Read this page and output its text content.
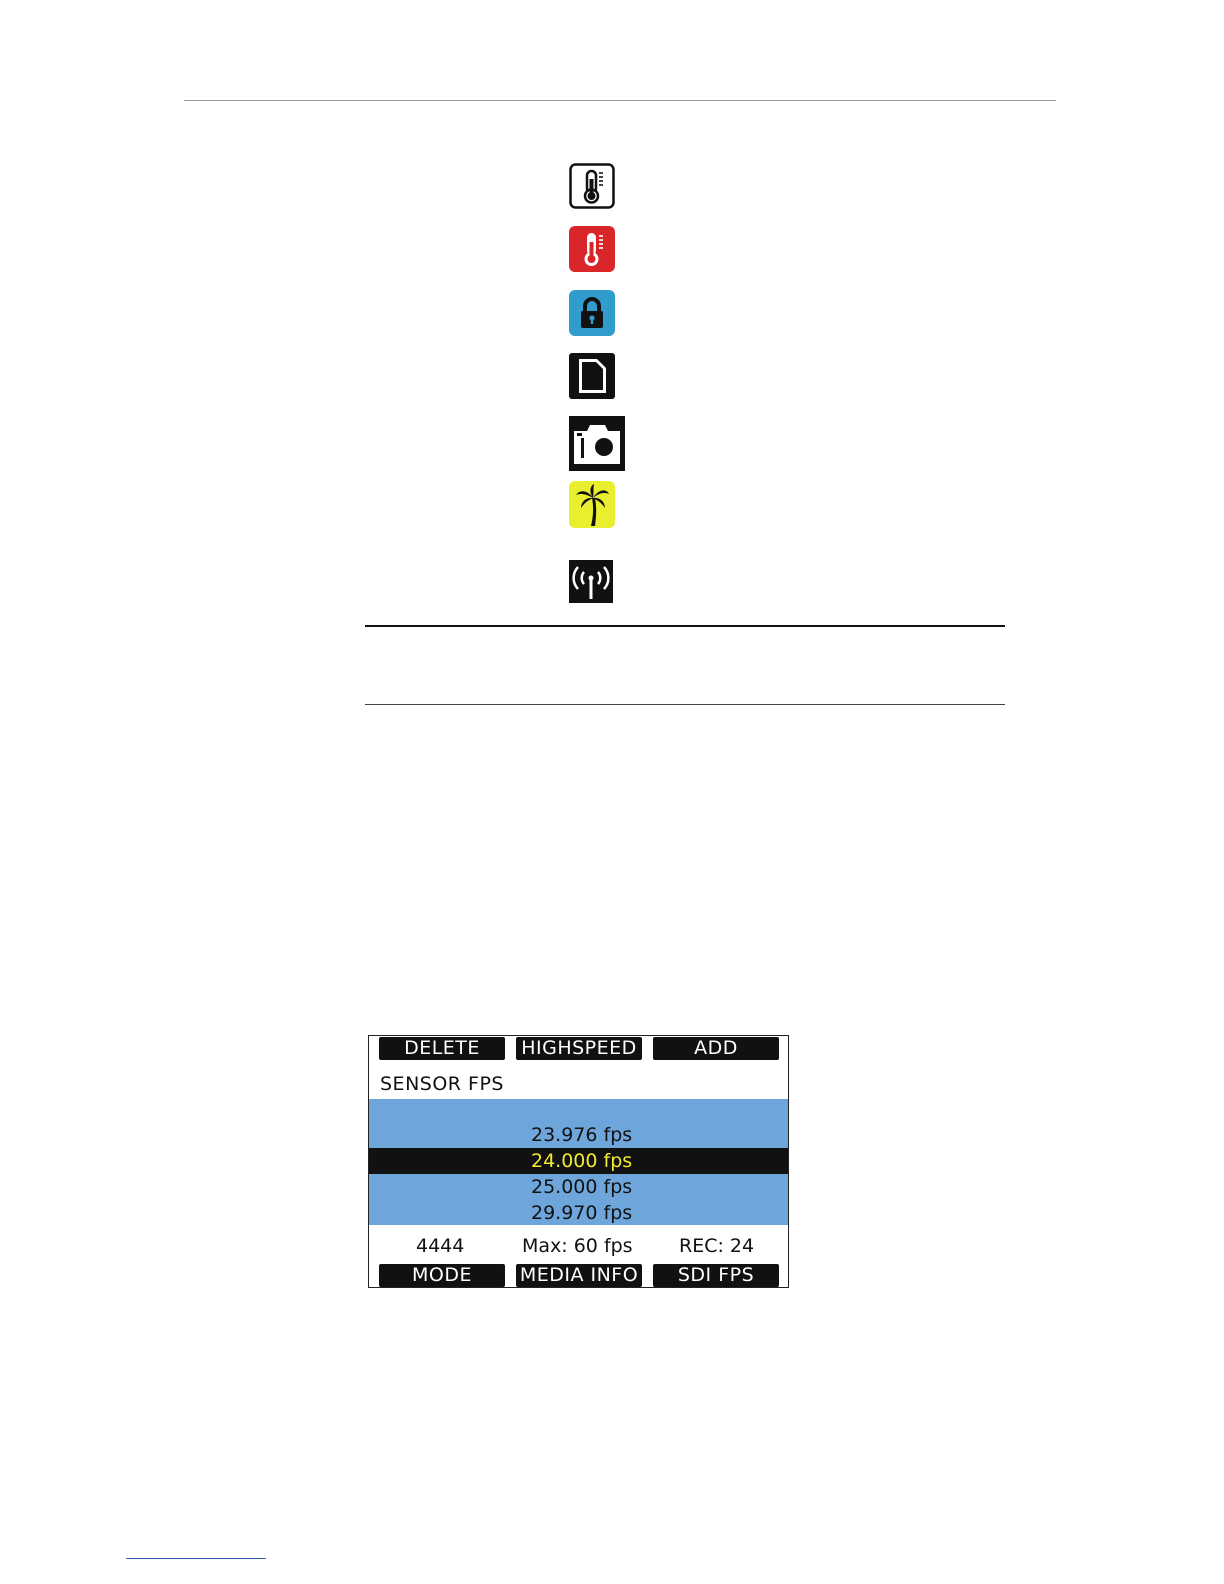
DELETE	HIGHSPEED	ADD
SENSOR FPS
23.976 fps
24.000 fps
25.000 fps
29.970 fps
4444	Max: 60 fps REC: 24
MODE	MEDIA INFO	SDI FPS
